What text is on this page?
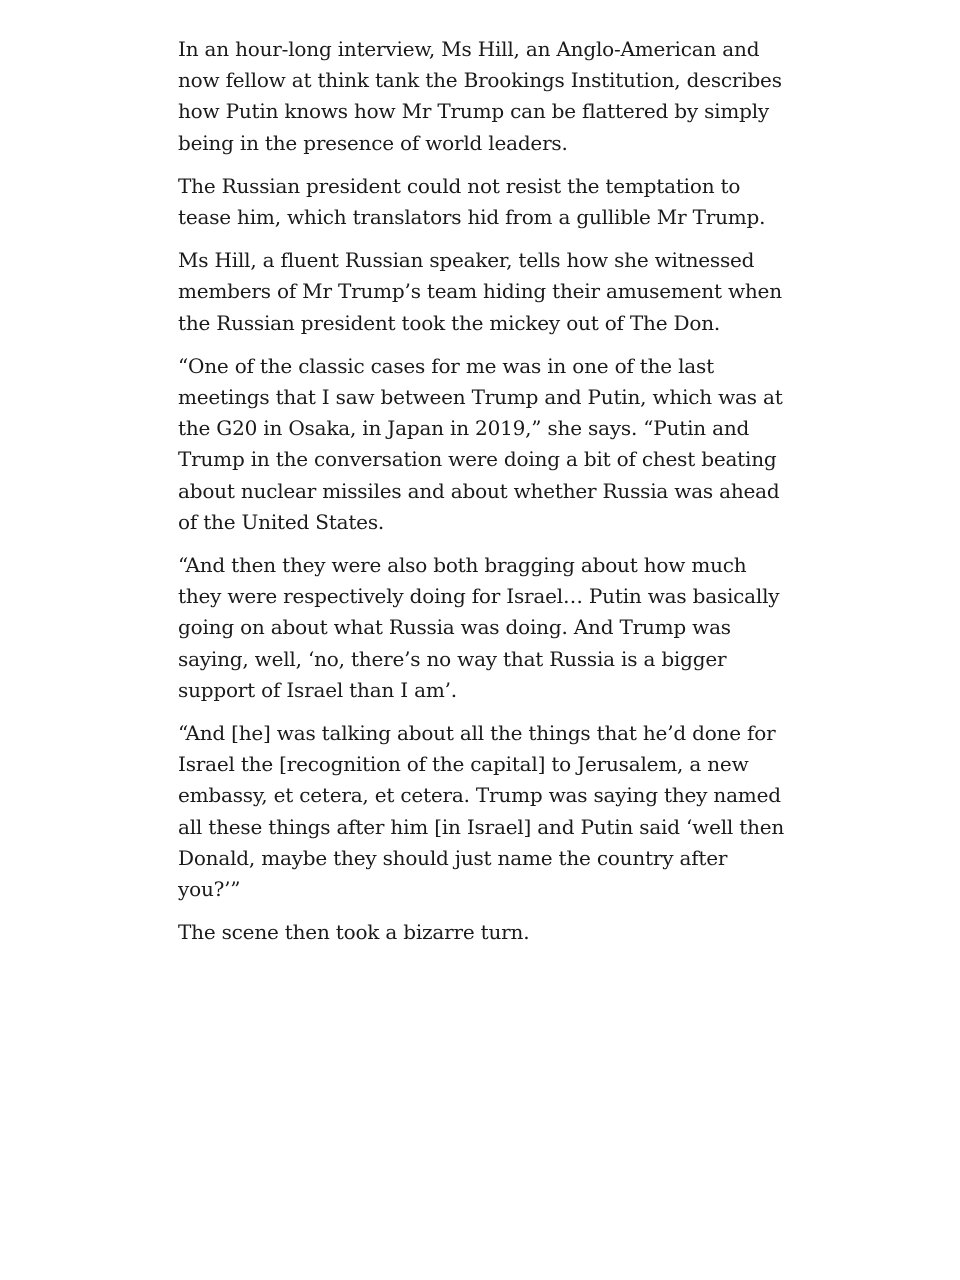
In an hour-long interview, Ms Hill, an Anglo-American and now fellow at think tank the Brookings Institution, describes how Putin knows how Mr Trump can be flattered by simply being in the presence of world leaders.

The Russian president could not resist the temptation to tease him, which translators hid from a gullible Mr Trump.

Ms Hill, a fluent Russian speaker, tells how she witnessed members of Mr Trump’s team hiding their amusement when the Russian president took the mickey out of The Don.

“One of the classic cases for me was in one of the last meetings that I saw between Trump and Putin, which was at the G20 in Osaka, in Japan in 2019,” she says. “Putin and Trump in the conversation were doing a bit of chest beating about nuclear missiles and about whether Russia was ahead of the United States.

“And then they were also both bragging about how much they were respectively doing for Israel… Putin was basically going on about what Russia was doing. And Trump was saying, well, ‘no, there’s no way that Russia is a bigger support of Israel than I am’.

“And [he] was talking about all the things that he’d done for Israel the [recognition of the capital] to Jerusalem, a new embassy, et cetera, et cetera. Trump was saying they named all these things after him [in Israel] and Putin said ‘well then Donald, maybe they should just name the country after you?’”

The scene then took a bizarre turn.
